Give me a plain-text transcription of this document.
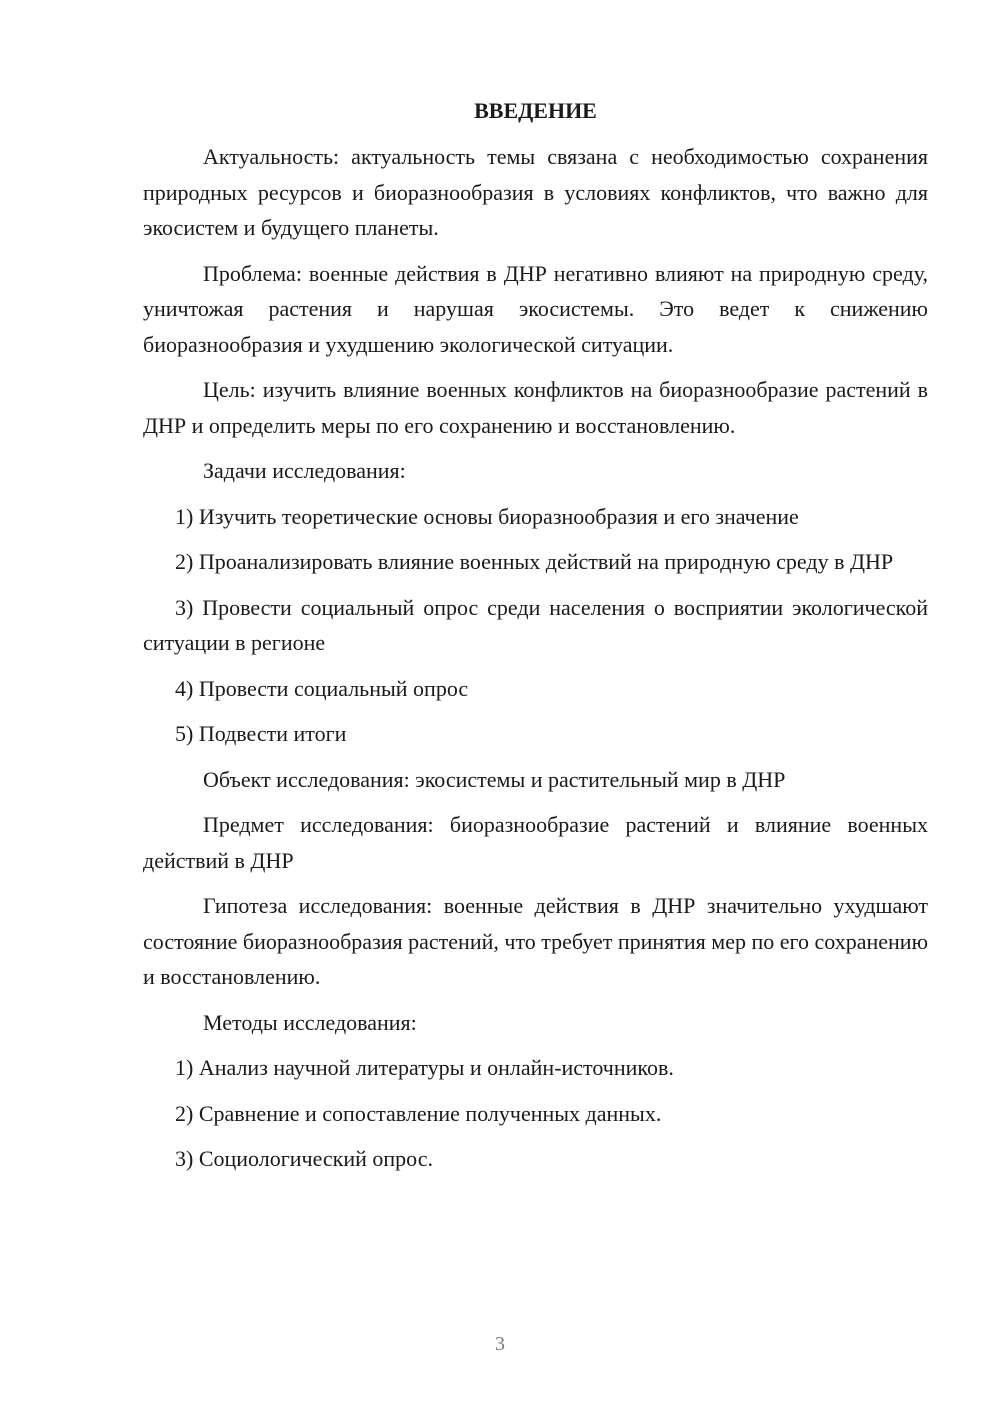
ВВЕДЕНИЕ

Актуальность: актуальность темы связана с необходимостью сохранения природных ресурсов и биоразнообразия в условиях конфликтов, что важно для экосистем и будущего планеты.

Проблема: военные действия в ДНР негативно влияют на природную среду, уничтожая растения и нарушая экосистемы. Это ведет к снижению биоразнообразия и ухудшению экологической ситуации.

Цель: изучить влияние военных конфликтов на биоразнообразие растений в ДНР и определить меры по его сохранению и восстановлению.

Задачи исследования:

1) Изучить теоретические основы биоразнообразия и его значение

2) Проанализировать влияние военных действий на природную среду в ДНР

3) Провести социальный опрос среди населения о восприятии экологической ситуации в регионе

4) Провести социальный опрос

5) Подвести итоги

Объект исследования: экосистемы и растительный мир в ДНР

Предмет исследования: биоразнообразие растений и влияние военных действий в ДНР

Гипотеза исследования: военные действия в ДНР значительно ухудшают состояние биоразнообразия растений, что требует принятия мер по его сохранению и восстановлению.

Методы исследования:

1) Анализ научной литературы и онлайн-источников.

2) Сравнение и сопоставление полученных данных.

3) Социологический опрос.

3
